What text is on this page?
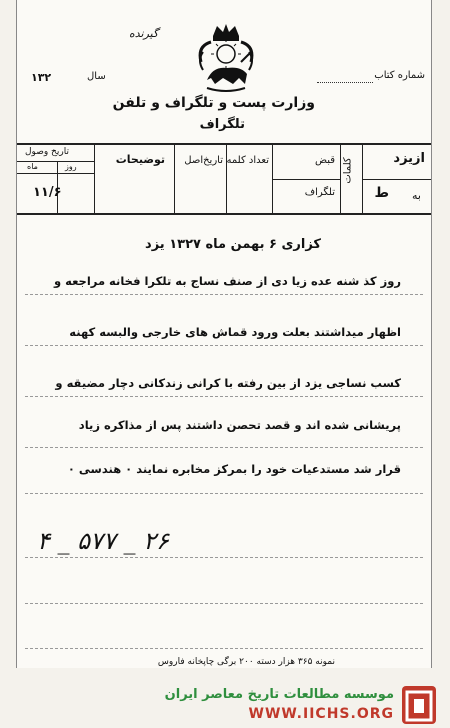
گیرنده
شماره کتاب
سال
۱۳۲
وزارت پست و تلگراف و تلفن
تلگراف
ازیزد
به
ط
کلمات
قبض
تلگراف
تعداد کلمه
تاریخ‌اصل
توضیحات
تاریخ وصول
روز
ماه
۱۱/۶
کزاری ۶ بهمن ماه ۱۳۲۷ یزد
روز کذ شنه عده زیا دی از صنف نساج به تلکرا فخانه مراجعه و
اظهار میداشتند بعلت ورود قماش های خارجی والبسه کهنه
کسب نساجی یزد از بین رفته با کرانی زندکانی دچار مضیقه و
پریشانی شده اند و قصد تحصن داشتند پس از مذاکره زیاد
قرار شد مستدعیات خود را بمرکز مخابره نمایند ۰ هندسی ۰
۴ _ ۵۷۷ _ ۲۶
نمونه ۳۶۵ هزار دسته ۲۰۰ برگی چاپخانه فاروس
موسسه مطالعات تاریخ معاصر ایران
WWW.IICHS.ORG
